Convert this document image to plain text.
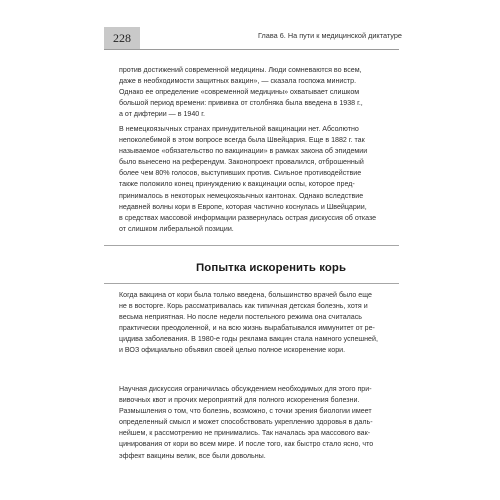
228	Глава 6. На пути к медицинской диктатуре
против достижений современной медицины. Люди сомневаются во всем,
даже в необходимости защитных вакцин», — сказала госпожа министр.
Однако ее определение «современной медицины» охватывает слишком
большой период времени: прививка от столбняка была введена в 1938 г.,
а от дифтерии — в 1940 г.
В немецкоязычных странах принудительной вакцинации нет. Абсолютно
непоколебимой в этом вопросе всегда была Швейцария. Еще в 1882 г. так
называемое «обязательство по вакцинации» в рамках закона об эпидемии
было вынесено на референдум. Законопроект провалился, отброшенный
более чем 80% голосов, выступивших против. Сильное противодействие
также положило конец принуждению к вакцинации оспы, которое пред-
принималось в некоторых немецкоязычных кантонах. Однако вследствие
недавней волны кори в Европе, которая частично коснулась и Швейцарии,
в средствах массовой информации развернулась острая дискуссия об отказе
от слишком либеральной позиции.
Попытка искоренить корь
Когда вакцина от кори была только введена, большинство врачей было еще
не в восторге. Корь рассматривалась как типичная детская болезнь, хотя и
весьма неприятная. Но после недели постельного режима она считалась
практически преодоленной, и на всю жизнь вырабатывался иммунитет от ре-
цидива заболевания. В 1980-е годы реклама вакцин стала намного успешней,
и ВОЗ официально объявил своей целью полное искоренение кори.
Научная дискуссия ограничилась обсуждением необходимых для этого при-
вивочных квот и прочих мероприятий для полного искоренения болезни.
Размышления о том, что болезнь, возможно, с точки зрения биологии имеет
определенный смысл и может способствовать укреплению здоровья в даль-
нейшем, к рассмотрению не принимались. Так началась эра массового вак-
цинирования от кори во всем мире. И после того, как быстро стало ясно, что
эффект вакцины велик, все были довольны.
